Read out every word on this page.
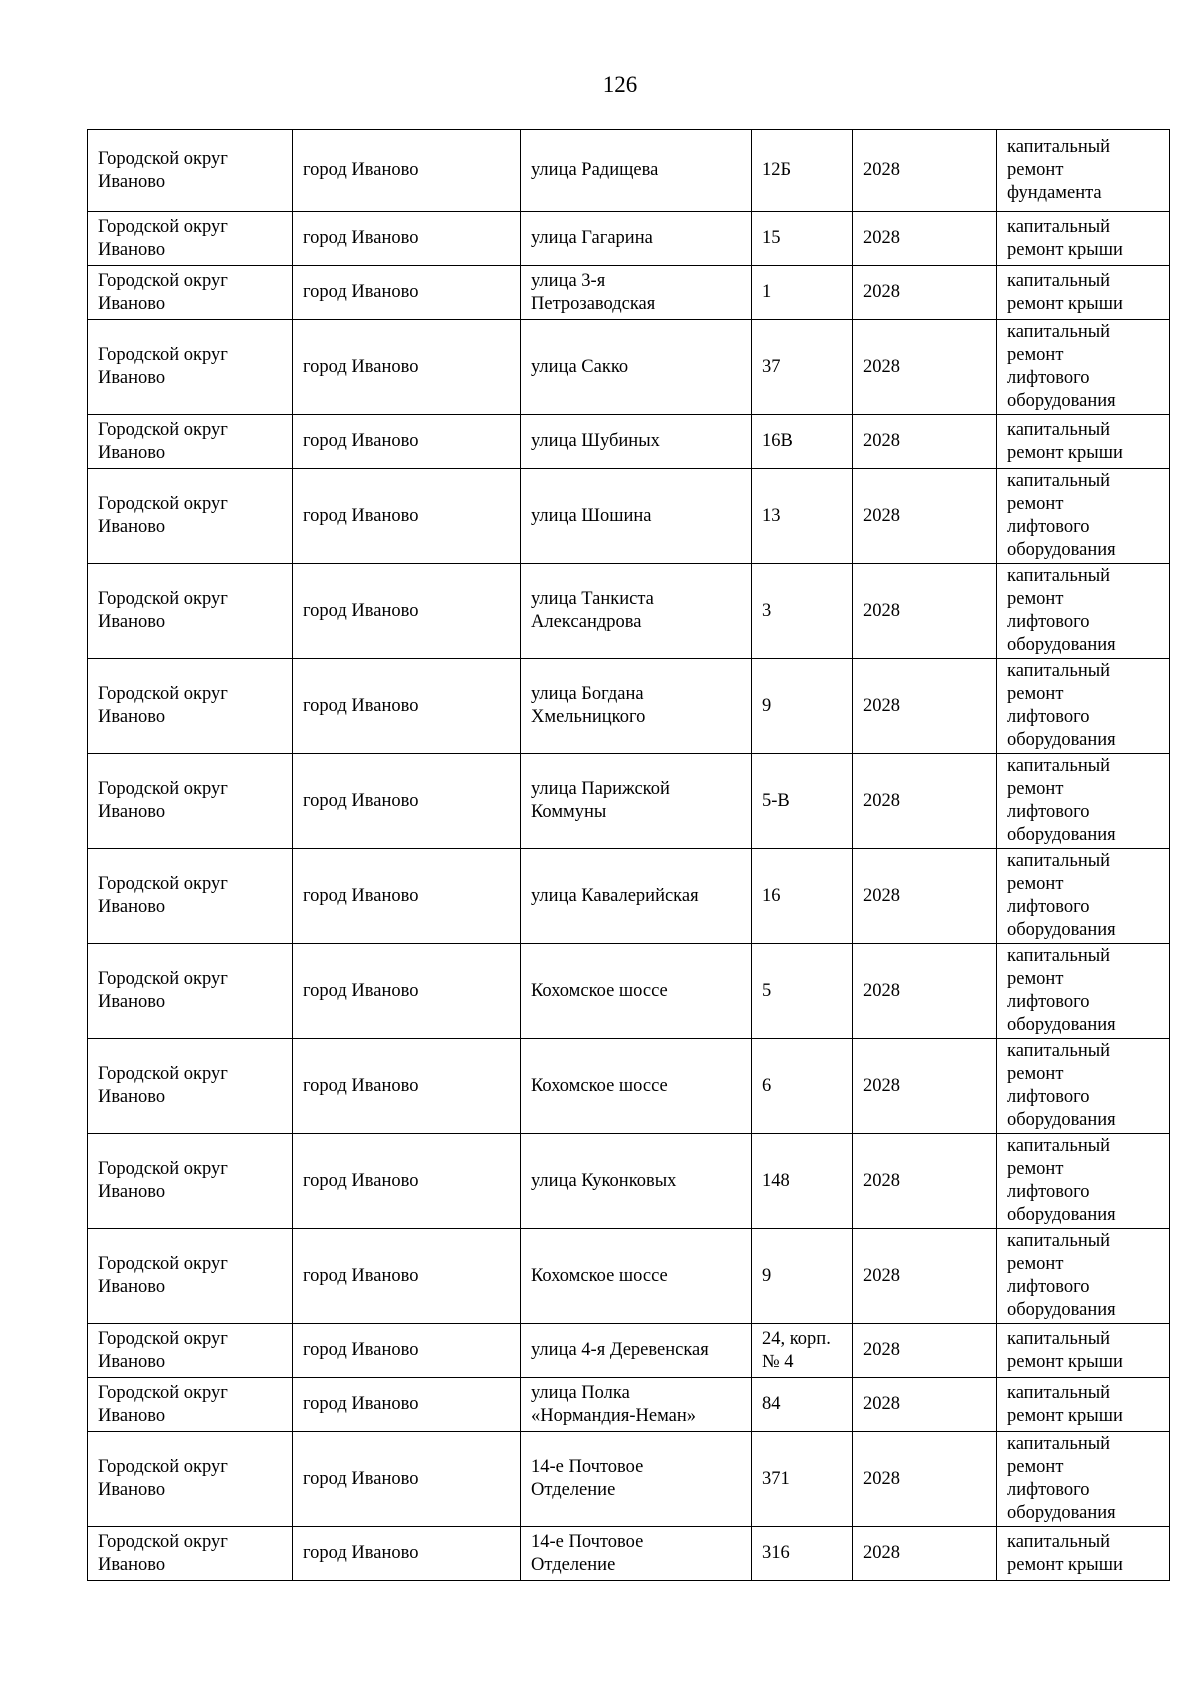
126
Городской округ
Иваново	город Иваново	улица Радищева	12Б	2028	капитальный
ремонт
фундамента
Городской округ
Иваново	город Иваново	улица Гагарина	15	2028	капитальный
ремонт крыши
Городской округ
Иваново	город Иваново	улица 3-я
Петрозаводская	1	2028	капитальный
ремонт крыши
Городской округ
Иваново	город Иваново	улица Сакко	37	2028	капитальный
ремонт
лифтового
оборудования
Городской округ
Иваново	город Иваново	улица Шубиных	16В	2028	капитальный
ремонт крыши
Городской округ
Иваново	город Иваново	улица Шошина	13	2028	капитальный
ремонт
лифтового
оборудования
Городской округ
Иваново	город Иваново	улица Танкиста
Александрова	3	2028	капитальный
ремонт
лифтового
оборудования
Городской округ
Иваново	город Иваново	улица Богдана
Хмельницкого	9	2028	капитальный
ремонт
лифтового
оборудования
Городской округ
Иваново	город Иваново	улица Парижской
Коммуны	5-В	2028	капитальный
ремонт
лифтового
оборудования
Городской округ
Иваново	город Иваново	улица Кавалерийская	16	2028	капитальный
ремонт
лифтового
оборудования
Городской округ
Иваново	город Иваново	Кохомское шоссе	5	2028	капитальный
ремонт
лифтового
оборудования
Городской округ
Иваново	город Иваново	Кохомское шоссе	6	2028	капитальный
ремонт
лифтового
оборудования
Городской округ
Иваново	город Иваново	улица Куконковых	148	2028	капитальный
ремонт
лифтового
оборудования
Городской округ
Иваново	город Иваново	Кохомское шоссе	9	2028	капитальный
ремонт
лифтового
оборудования
Городской округ
Иваново	город Иваново	улица 4-я Деревенская	24, корп.
№ 4	2028	капитальный
ремонт крыши
Городской округ
Иваново	город Иваново	улица Полка
«Нормандия-Неман»	84	2028	капитальный
ремонт крыши
Городской округ
Иваново	город Иваново	14-е Почтовое
Отделение	371	2028	капитальный
ремонт
лифтового
оборудования
Городской округ
Иваново	город Иваново	14-е Почтовое
Отделение	316	2028	капитальный
ремонт крыши
